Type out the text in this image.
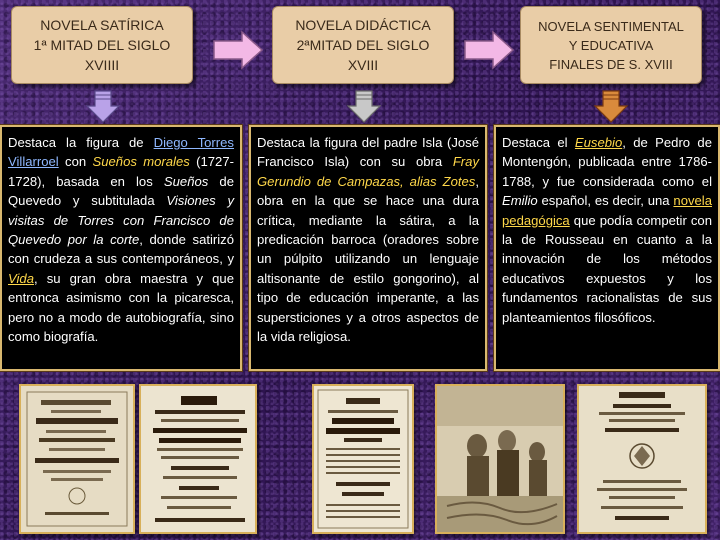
NOVELA SATÍRICA
1ª MITAD DEL SIGLO
XVIIII
NOVELA DIDÁCTICA
2ªMITAD DEL SIGLO
XVIII
NOVELA SENTIMENTAL
Y EDUCATIVA
FINALES DE S. XVIII
Destaca la figura de Diego Torres Villarroel con Sueños morales (1727-1728), basada en los Sueños de Quevedo y subtitulada Visiones y visitas de Torres con Francisco de Quevedo por la corte, donde satirizó con crudeza a sus contemporáneos, y Vida, su gran obra maestra y que entronca asimismo con la picaresca, pero no a modo de autobiografía, sino como biografía.
Destaca la figura del padre Isla (José Francisco Isla) con su obra Fray Gerundio de Campazas, alias Zotes, obra en la que se hace una dura crítica, mediante la sátira, a la predicación barroca (oradores sobre un púlpito utilizando un lenguaje altisonante de estilo gongorino), al tipo de educación imperante, a las supersticiones y a otros aspectos de la vida religiosa.
Destaca el Eusebio, de Pedro de Montengón, publicada entre 1786-1788, y fue considerada como el Emilio español, es decir, una novela pedagógica que podía competir con la de Rousseau en cuanto a la innovación de los métodos educativos expuestos y los fundamentos racionalistas de sus planteamientos filosóficos.
